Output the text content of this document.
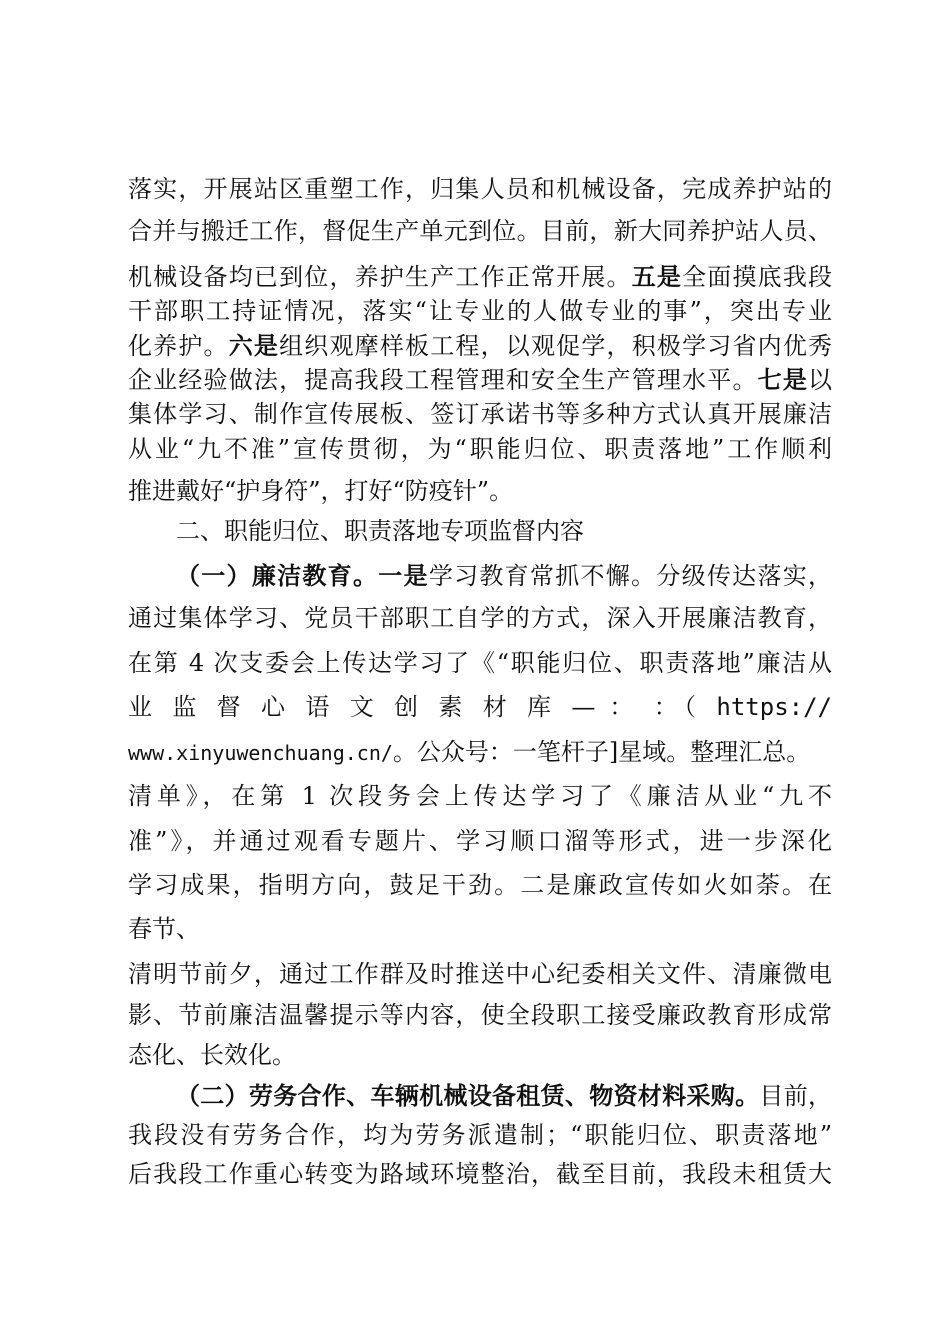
落实，开展站区重塑工作，归集人员和机械设备，完成养护站的
合并与搬迁工作，督促生产单元到位。目前，新大同养护站人员、
机械设备均已到位，养护生产工作正常开展。五是全面摸底我段
干部职工持证情况，落实“让专业的人做专业的事”，突出专业
化养护。六是组织观摩样板工程，以观促学，积极学习省内优秀
企业经验做法，提高我段工程管理和安全生产管理水平。七是以
集体学习、制作宣传展板、签订承诺书等多种方式认真开展廉洁
从业“九不准”宣传贯彻，为“职能归位、职责落地”工作顺利
推进戴好“护身符”，打好“防疫针”。
二、职能归位、职责落地专项监督内容
（一）廉洁教育。一是学习教育常抓不懈。分级传达落实，
通过集体学习、党员干部职工自学的方式，深入开展廉洁教育，
在第 4 次支委会上传达学习了《“职能归位、职责落地”廉洁从
业 监 督 心 语 文 创 素 材 库 — ： ：（ https://
www.xinyuwenchuang.cn/。公众号：一笔杆子]星域。整理汇总。
清单》，在第 1 次段务会上传达学习了《廉洁从业“九不
准”》，并通过观看专题片、学习顺口溜等形式，进一步深化
学习成果，指明方向，鼓足干劲。二是廉政宣传如火如荼。在
春节、
清明节前夕，通过工作群及时推送中心纪委相关文件、清廉微电
影、节前廉洁温馨提示等内容，使全段职工接受廉政教育形成常
态化、长效化。
（二）劳务合作、车辆机械设备租赁、物资材料采购。目前，
我段没有劳务合作，均为劳务派遣制；“职能归位、职责落地”
后我段工作重心转变为路域环境整治，截至目前，我段未租赁大
